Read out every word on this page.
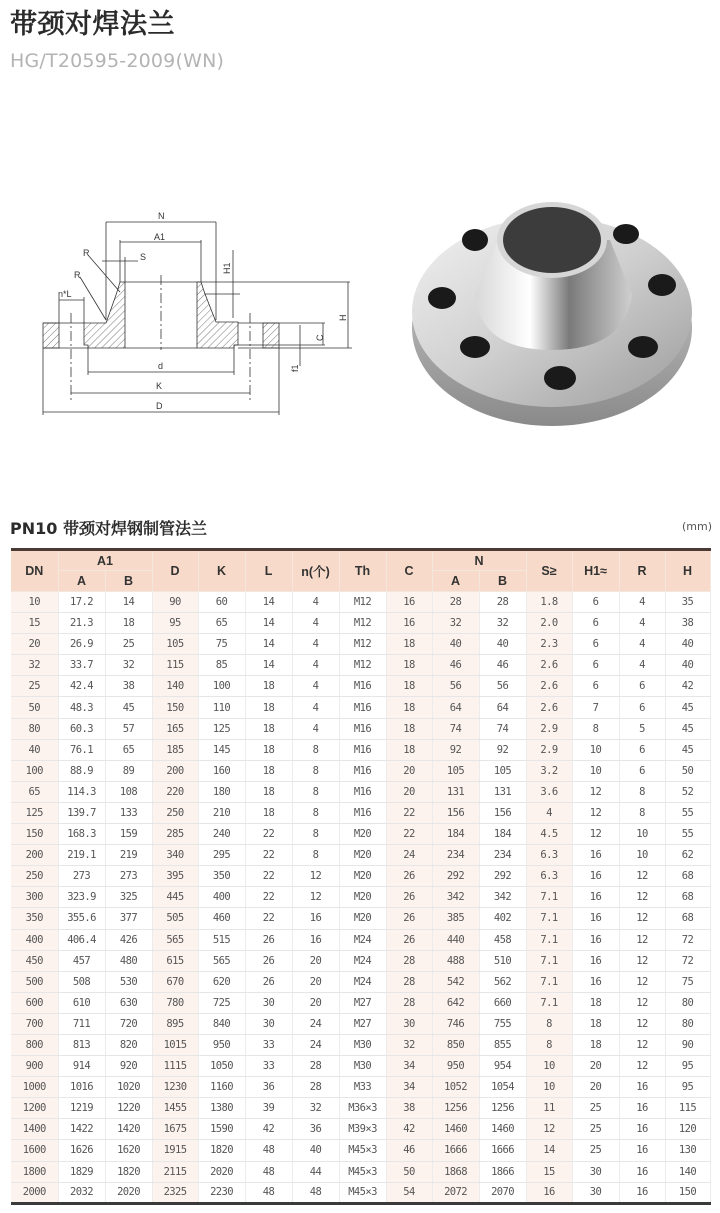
带颈对焊法兰
HG/T20595-2009(WN)
N
A1
S
R
R
n*L
H1
H
C
f1
d
K
D
PN10 带颈对焊钢制管法兰	(mm)
DN	A1		D	K	L	n(个)	Th	C	N		S≥	H1≈	R	H
	A	B							A	B				
10	17.2	14	90	60	14	4	M12	16	28	28	1.8	6	4	35
15	21.3	18	95	65	14	4	M12	16	32	32	2.0	6	4	38
20	26.9	25	105	75	14	4	M12	18	40	40	2.3	6	4	40
32	33.7	32	115	85	14	4	M12	18	46	46	2.6	6	4	40
25	42.4	38	140	100	18	4	M16	18	56	56	2.6	6	6	42
50	48.3	45	150	110	18	4	M16	18	64	64	2.6	7	6	45
80	60.3	57	165	125	18	4	M16	18	74	74	2.9	8	5	45
40	76.1	65	185	145	18	8	M16	18	92	92	2.9	10	6	45
100	88.9	89	200	160	18	8	M16	20	105	105	3.2	10	6	50
65	114.3	108	220	180	18	8	M16	20	131	131	3.6	12	8	52
125	139.7	133	250	210	18	8	M16	22	156	156	4	12	8	55
150	168.3	159	285	240	22	8	M20	22	184	184	4.5	12	10	55
200	219.1	219	340	295	22	8	M20	24	234	234	6.3	16	10	62
250	273	273	395	350	22	12	M20	26	292	292	6.3	16	12	68
300	323.9	325	445	400	22	12	M20	26	342	342	7.1	16	12	68
350	355.6	377	505	460	22	16	M20	26	385	402	7.1	16	12	68
400	406.4	426	565	515	26	16	M24	26	440	458	7.1	16	12	72
450	457	480	615	565	26	20	M24	28	488	510	7.1	16	12	72
500	508	530	670	620	26	20	M24	28	542	562	7.1	16	12	75
600	610	630	780	725	30	20	M27	28	642	660	7.1	18	12	80
700	711	720	895	840	30	24	M27	30	746	755	8	18	12	80
800	813	820	1015	950	33	24	M30	32	850	855	8	18	12	90
900	914	920	1115	1050	33	28	M30	34	950	954	10	20	12	95
1000	1016	1020	1230	1160	36	28	M33	34	1052	1054	10	20	16	95
1200	1219	1220	1455	1380	39	32	M36×3	38	1256	1256	11	25	16	115
1400	1422	1420	1675	1590	42	36	M39×3	42	1460	1460	12	25	16	120
1600	1626	1620	1915	1820	48	40	M45×3	46	1666	1666	14	25	16	130
1800	1829	1820	2115	2020	48	44	M45×3	50	1868	1866	15	30	16	140
2000	2032	2020	2325	2230	48	48	M45×3	54	2072	2070	16	30	16	150
